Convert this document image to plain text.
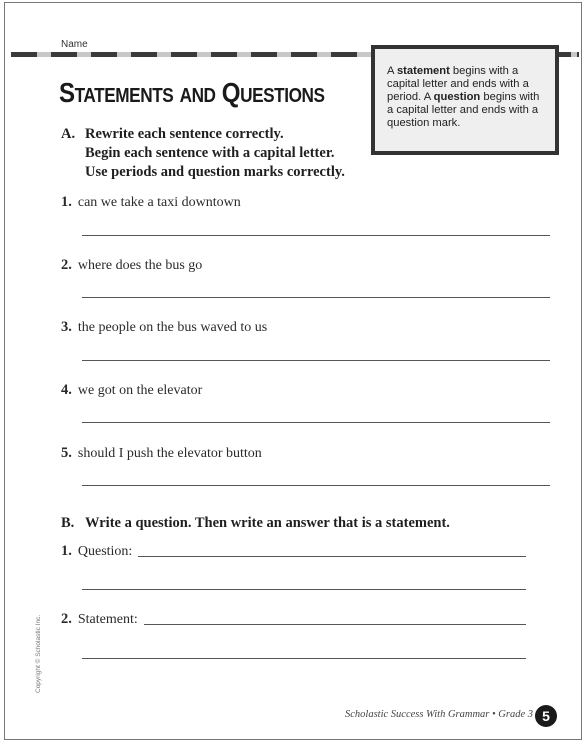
Name
Statements and Questions
A statement begins with a capital letter and ends with a period. A question begins with a capital letter and ends with a question mark.
A. Rewrite each sentence correctly.
Begin each sentence with a capital letter.
Use periods and question marks correctly.
1. can we take a taxi downtown
2. where does the bus go
3. the people on the bus waved to us
4. we got on the elevator
5. should I push the elevator button
B. Write a question. Then write an answer that is a statement.
1. Question:
2. Statement:
Copyright © Scholastic Inc.
Scholastic Success With Grammar • Grade 3 5
